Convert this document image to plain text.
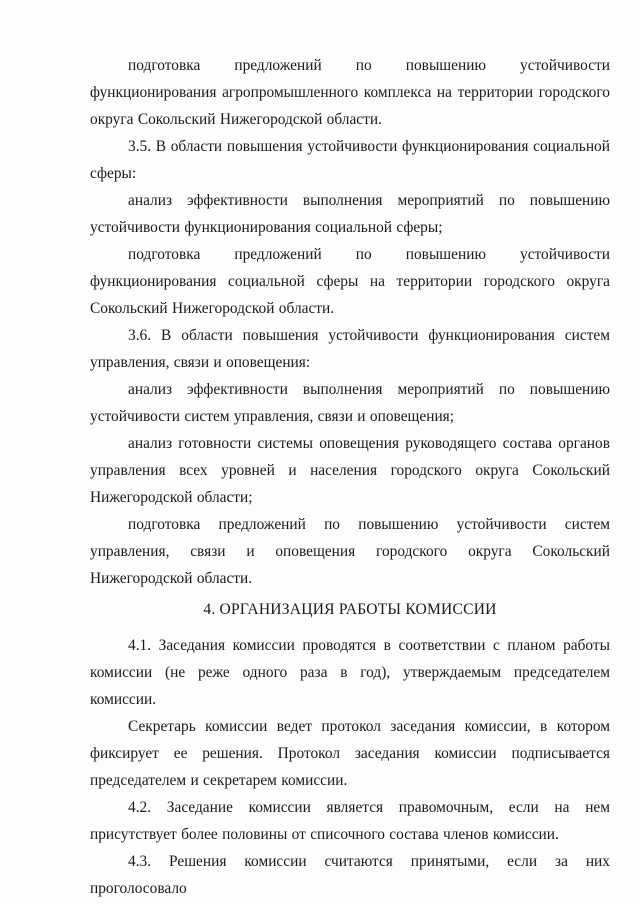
подготовка предложений по повышению устойчивости функционирования агропромышленного комплекса на территории городского округа Сокольский Нижегородской области.

3.5. В области повышения устойчивости функционирования социальной сферы:

анализ эффективности выполнения мероприятий по повышению устойчивости функционирования социальной сферы;

подготовка предложений по повышению устойчивости функционирования социальной сферы на территории городского округа Сокольский Нижегородской области.

3.6. В области повышения устойчивости функционирования систем управления, связи и оповещения:

анализ эффективности выполнения мероприятий по повышению устойчивости систем управления, связи и оповещения;

анализ готовности системы оповещения руководящего состава органов управления всех уровней и населения городского округа Сокольский Нижегородской области;

подготовка предложений по повышению устойчивости систем управления, связи и оповещения городского округа Сокольский Нижегородской области.

4. ОРГАНИЗАЦИЯ РАБОТЫ КОМИССИИ

4.1. Заседания комиссии проводятся в соответствии с планом работы комиссии (не реже одного раза в год), утверждаемым председателем комиссии.

Секретарь комиссии ведет протокол заседания комиссии, в котором фиксирует ее решения. Протокол заседания комиссии подписывается председателем и секретарем комиссии.

4.2. Заседание комиссии является правомочным, если на нем присутствует более половины от списочного состава членов комиссии.

4.3. Решения комиссии считаются принятыми, если за них проголосовало
